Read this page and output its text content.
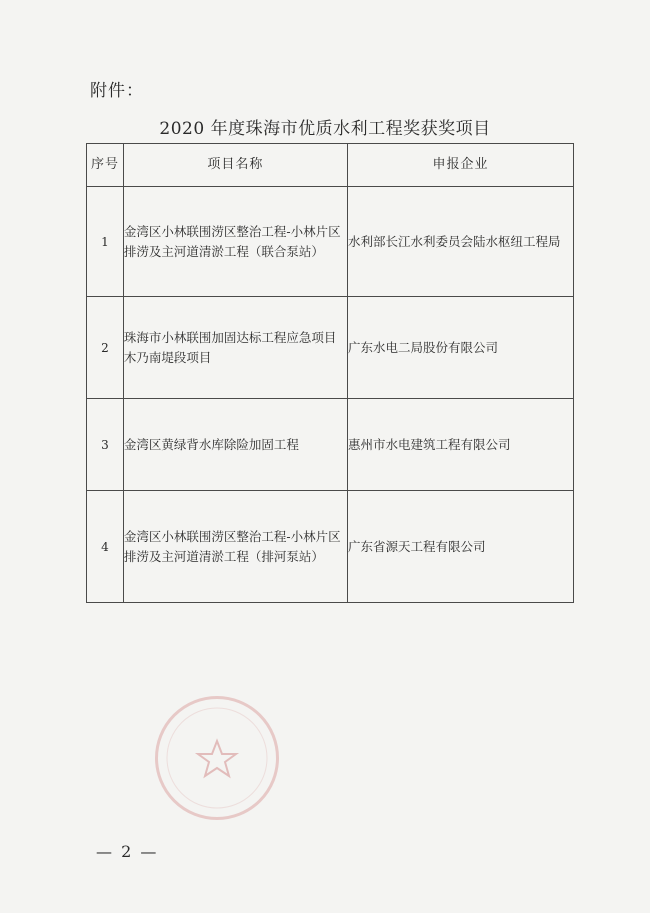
附件：
2020 年度珠海市优质水利工程奖获奖项目
序号	项目名称	申报企业
1	金湾区小林联围涝区整治工程-小林片区排涝及主河道清淤工程（联合泵站）	水利部长江水利委员会陆水枢纽工程局
2	珠海市小林联围加固达标工程应急项目木乃南堤段项目	广东水电二局股份有限公司
3	金湾区黄绿背水库除险加固工程	惠州市水电建筑工程有限公司
4	金湾区小林联围涝区整治工程-小林片区排涝及主河道清淤工程（排河泵站）	广东省源天工程有限公司
— 2 —
